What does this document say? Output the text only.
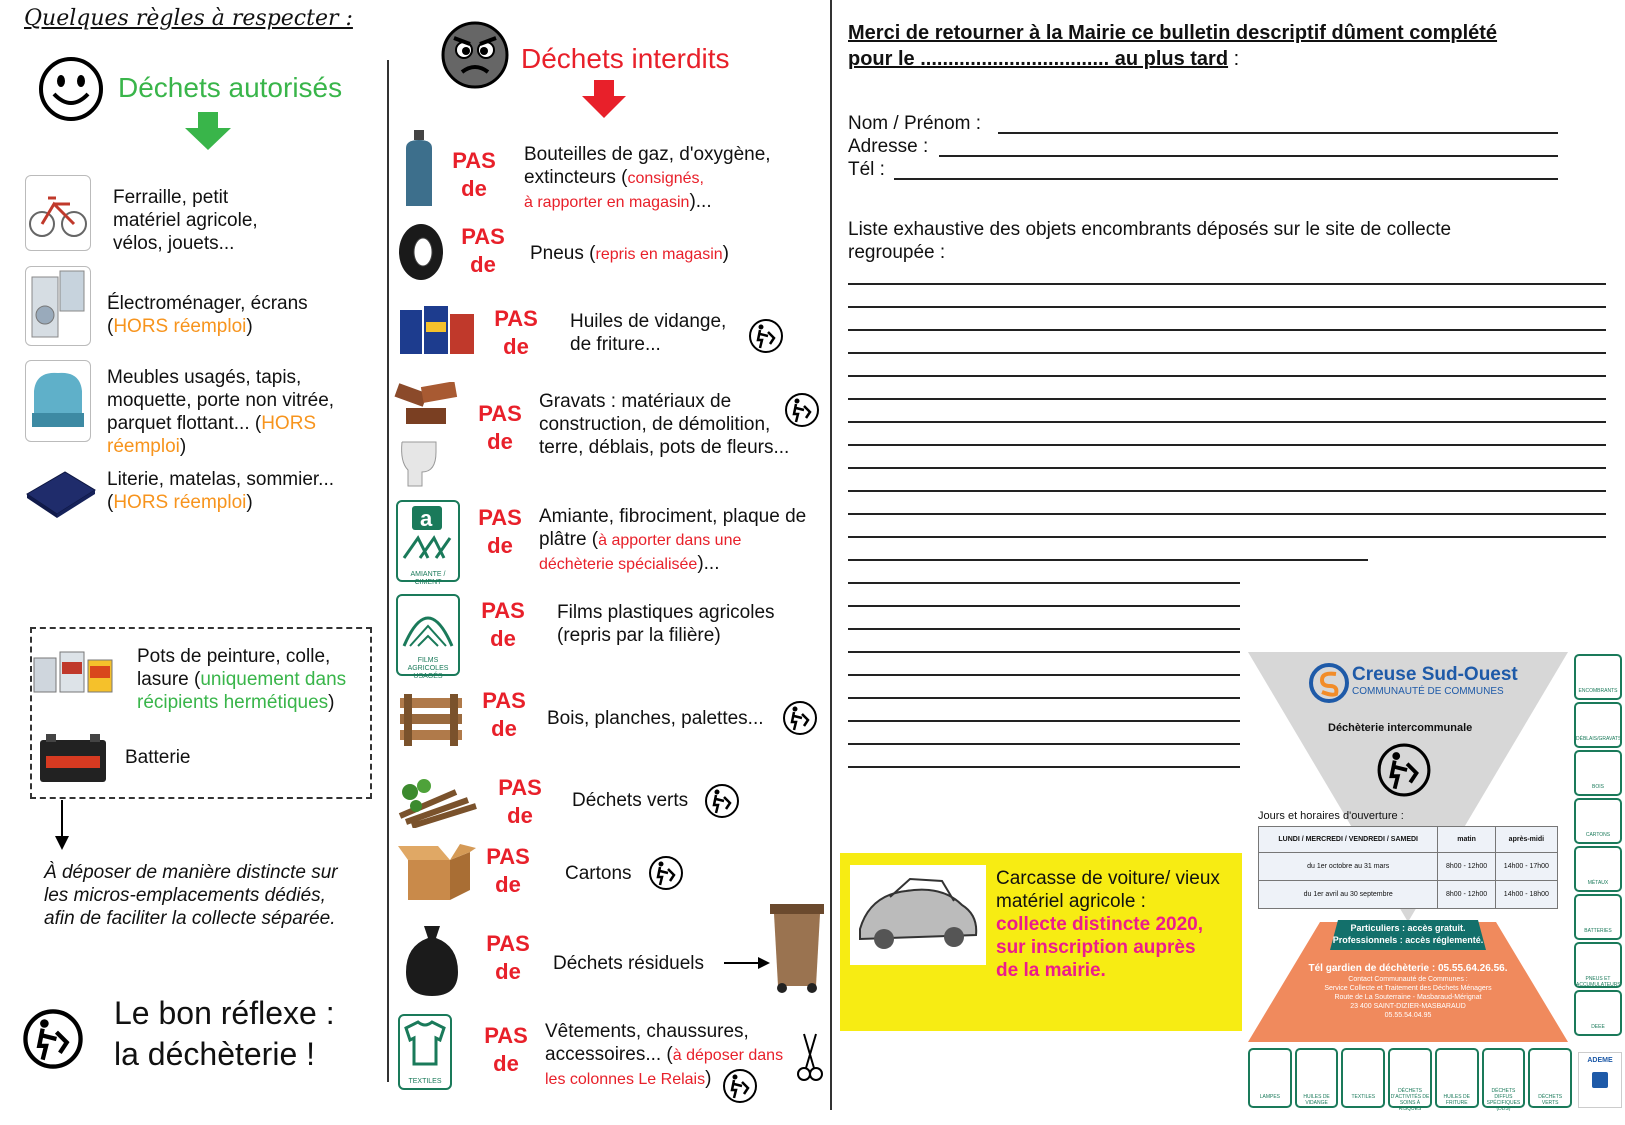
Quelques règles à respecter :
Déchets autorisés
Ferraille, petit
matériel agricole,
vélos, jouets...
Électroménager, écrans
(HORS réemploi)
Meubles usagés, tapis,
moquette, porte non vitrée,
parquet flottant... (HORS
réemploi)
Literie, matelas, sommier...
(HORS réemploi)
Pots de peinture, colle,
lasure (uniquement dans
récipients hermétiques)
Batterie
À déposer de manière distincte sur
les micros-emplacements dédiés,
afin de faciliter la collecte séparée.
Le bon réflexe :
la déchèterie !
Déchets interdits
PAS
de
Bouteilles de gaz, d'oxygène,
extincteurs (consignés,
à rapporter en magasin)...
PAS
de	Pneus (repris en magasin)
PAS
de
Huiles de vidange,
de friture...
PAS
de
Gravats : matériaux de
construction, de démolition,
terre, déblais, pots de fleurs...
a
AMIANTE / CIMENT
PAS
de
Amiante, fibrociment, plaque de
plâtre (à apporter dans une
déchèterie spécialisée)...
FILMS AGRICOLES USAGÉS
PAS
de
Films plastiques agricoles
(repris par la filière)
PAS
de	Bois, planches, palettes...
PAS
de
Déchets verts
PAS
de	Cartons
PAS
de	Déchets résiduels
TEXTILES
PAS
de
Vêtements, chaussures,
accessoires... (à déposer dans
les colonnes Le Relais)
Merci de retourner à la Mairie ce bulletin descriptif dûment complété
pour le .................................. au plus tard :
Nom / Prénom :
Adresse :
Tél :
Liste exhaustive des objets encombrants déposés sur le site de collecte
regroupée :
Carcasse de voiture/ vieux
matériel agricole :
collecte distincte 2020,
sur inscription auprès
de la mairie.
Creuse Sud-Ouest
COMMUNAUTÉ DE COMMUNES
Déchèterie intercommunale
Jours et horaires d'ouverture :
LUNDI / MERCREDI / VENDREDI / SAMEDI	matin	après-midi
du 1er octobre au 31 mars	8h00 - 12h00	14h00 - 17h00
du 1er avril au 30 septembre	8h00 - 12h00	14h00 - 18h00
Particuliers : accès gratuit.
Professionnels : accès réglementé.
Tél gardien de déchèterie : 05.55.64.26.56.
Contact Communauté de Communes :
Service Collecte et Traitement des Déchets Ménagers
Route de La Souterraine - Masbaraud-Mérignat
23 400 SAINT-DIZIER-MASBARAUD
05.55.54.04.95
ENCOMBRANTS
DÉBLAIS/GRAVATS
BOIS
CARTONS
MÉTAUX
BATTERIES
PNEUS ET ACCUMULATEURS
DEEE
LAMPES	HUILES DE VIDANGE
TEXTILES
DÉCHETS D'ACTIVITÉS DE SOINS À RISQUES
HUILES DE FRITURE
DÉCHETS DIFFUS SPÉCIFIQUES (DDS)
DÉCHETS VERTS
ADEME
